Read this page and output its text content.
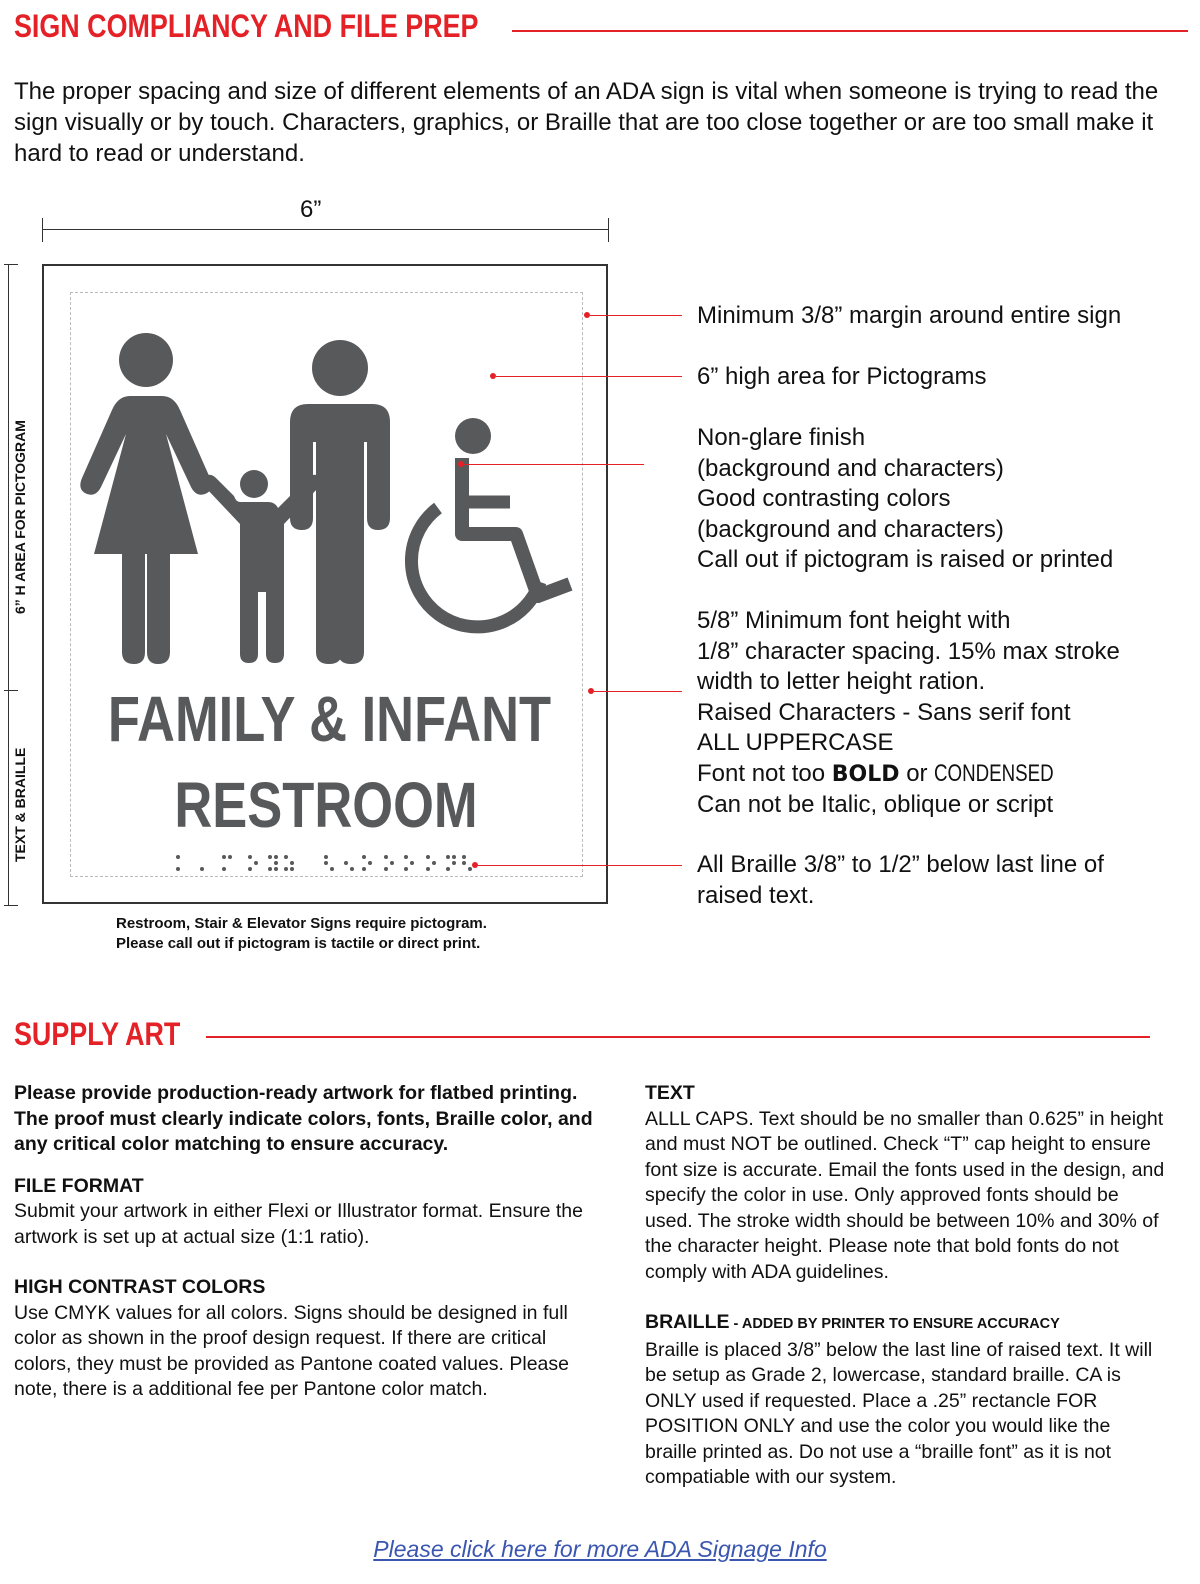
SIGN COMPLIANCY AND FILE PREP
The proper spacing and size of different elements of an ADA sign is vital when someone is trying to read the sign visually or by touch. Characters, graphics, or Braille that are too close together or are too small make it hard to read or understand.
6”
6” H AREA FOR PICTOGRAM
TEXT & BRAILLE
FAMILY & INFANT
RESTROOM
Restroom, Stair & Elevator Signs require pictogram.
Please call out if pictogram is tactile or direct print.
Minimum 3/8” margin around entire sign
6” high area for Pictograms
Non-glare finish
(background and characters)
Good contrasting colors
(background and characters)
Call out if pictogram is raised or printed
5/8” Minimum font height with
1/8” character spacing. 15% max stroke
width to letter height ration.
Raised Characters - Sans serif font
ALL UPPERCASE
Font not too BOLD or CONDENSED
Can not be Italic, oblique or script
All Braille 3/8” to 1/2” below last line of
raised text.
SUPPLY ART

Please provide production-ready artwork for flatbed printing. The proof must clearly indicate colors, fonts, Braille color, and any critical color matching to ensure accuracy.

FILE FORMAT

Submit your artwork in either Flexi or Illustrator format. Ensure the artwork is set up at actual size (1:1 ratio).

HIGH CONTRAST COLORS

Use CMYK values for all colors. Signs should be designed in full color as shown in the proof design request. If there are critical colors, they must be provided as Pantone coated values. Please note, there is a additional fee per Pantone color match.

TEXT

ALLL CAPS. Text should be no smaller than 0.625” in height and must NOT be outlined. Check “T” cap height to ensure font size is accurate. Email the fonts used in the design, and specify the color in use. Only approved fonts should be used. The stroke width should be between 10% and 30% of the character height. Please note that bold fonts do not comply with ADA guidelines.

BRAILLE - ADDED BY PRINTER TO ENSURE ACCURACY

Braille is placed 3/8” below the last line of raised text. It will be setup as Grade 2, lowercase, standard braille. CA is ONLY used if requested. Place a .25” rectancle FOR POSITION ONLY and use the color you would like the braille printed as. Do not use a “braille font” as it is not compatiable with our system.

Please click here for more ADA Signage Info
